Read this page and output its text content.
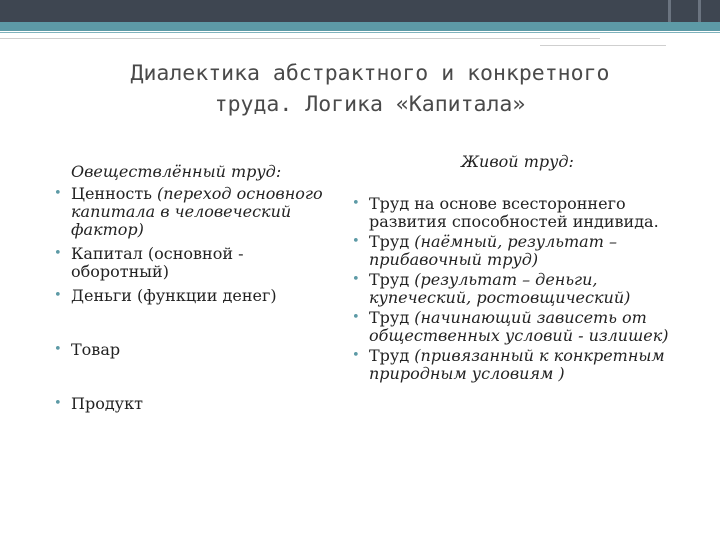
Диалектика абстрактного и конкретного
труда. Логика «Капитала»

Овеществлённый труд:

• Ценность (переход основного капитала в человеческий фактор)
• Капитал (основной - оборотный)
• Деньги (функции денег)
• Товар
• Продукт

Живой труд:

• Труд на основе всестороннего развития способностей индивида.
• Труд (наёмный, результат – прибавочный труд)
• Труд (результат – деньги, купеческий, ростовщический)
• Труд (начинающий зависеть от общественных условий - излишек)
• Труд (привязанный к конкретным природным условиям )
